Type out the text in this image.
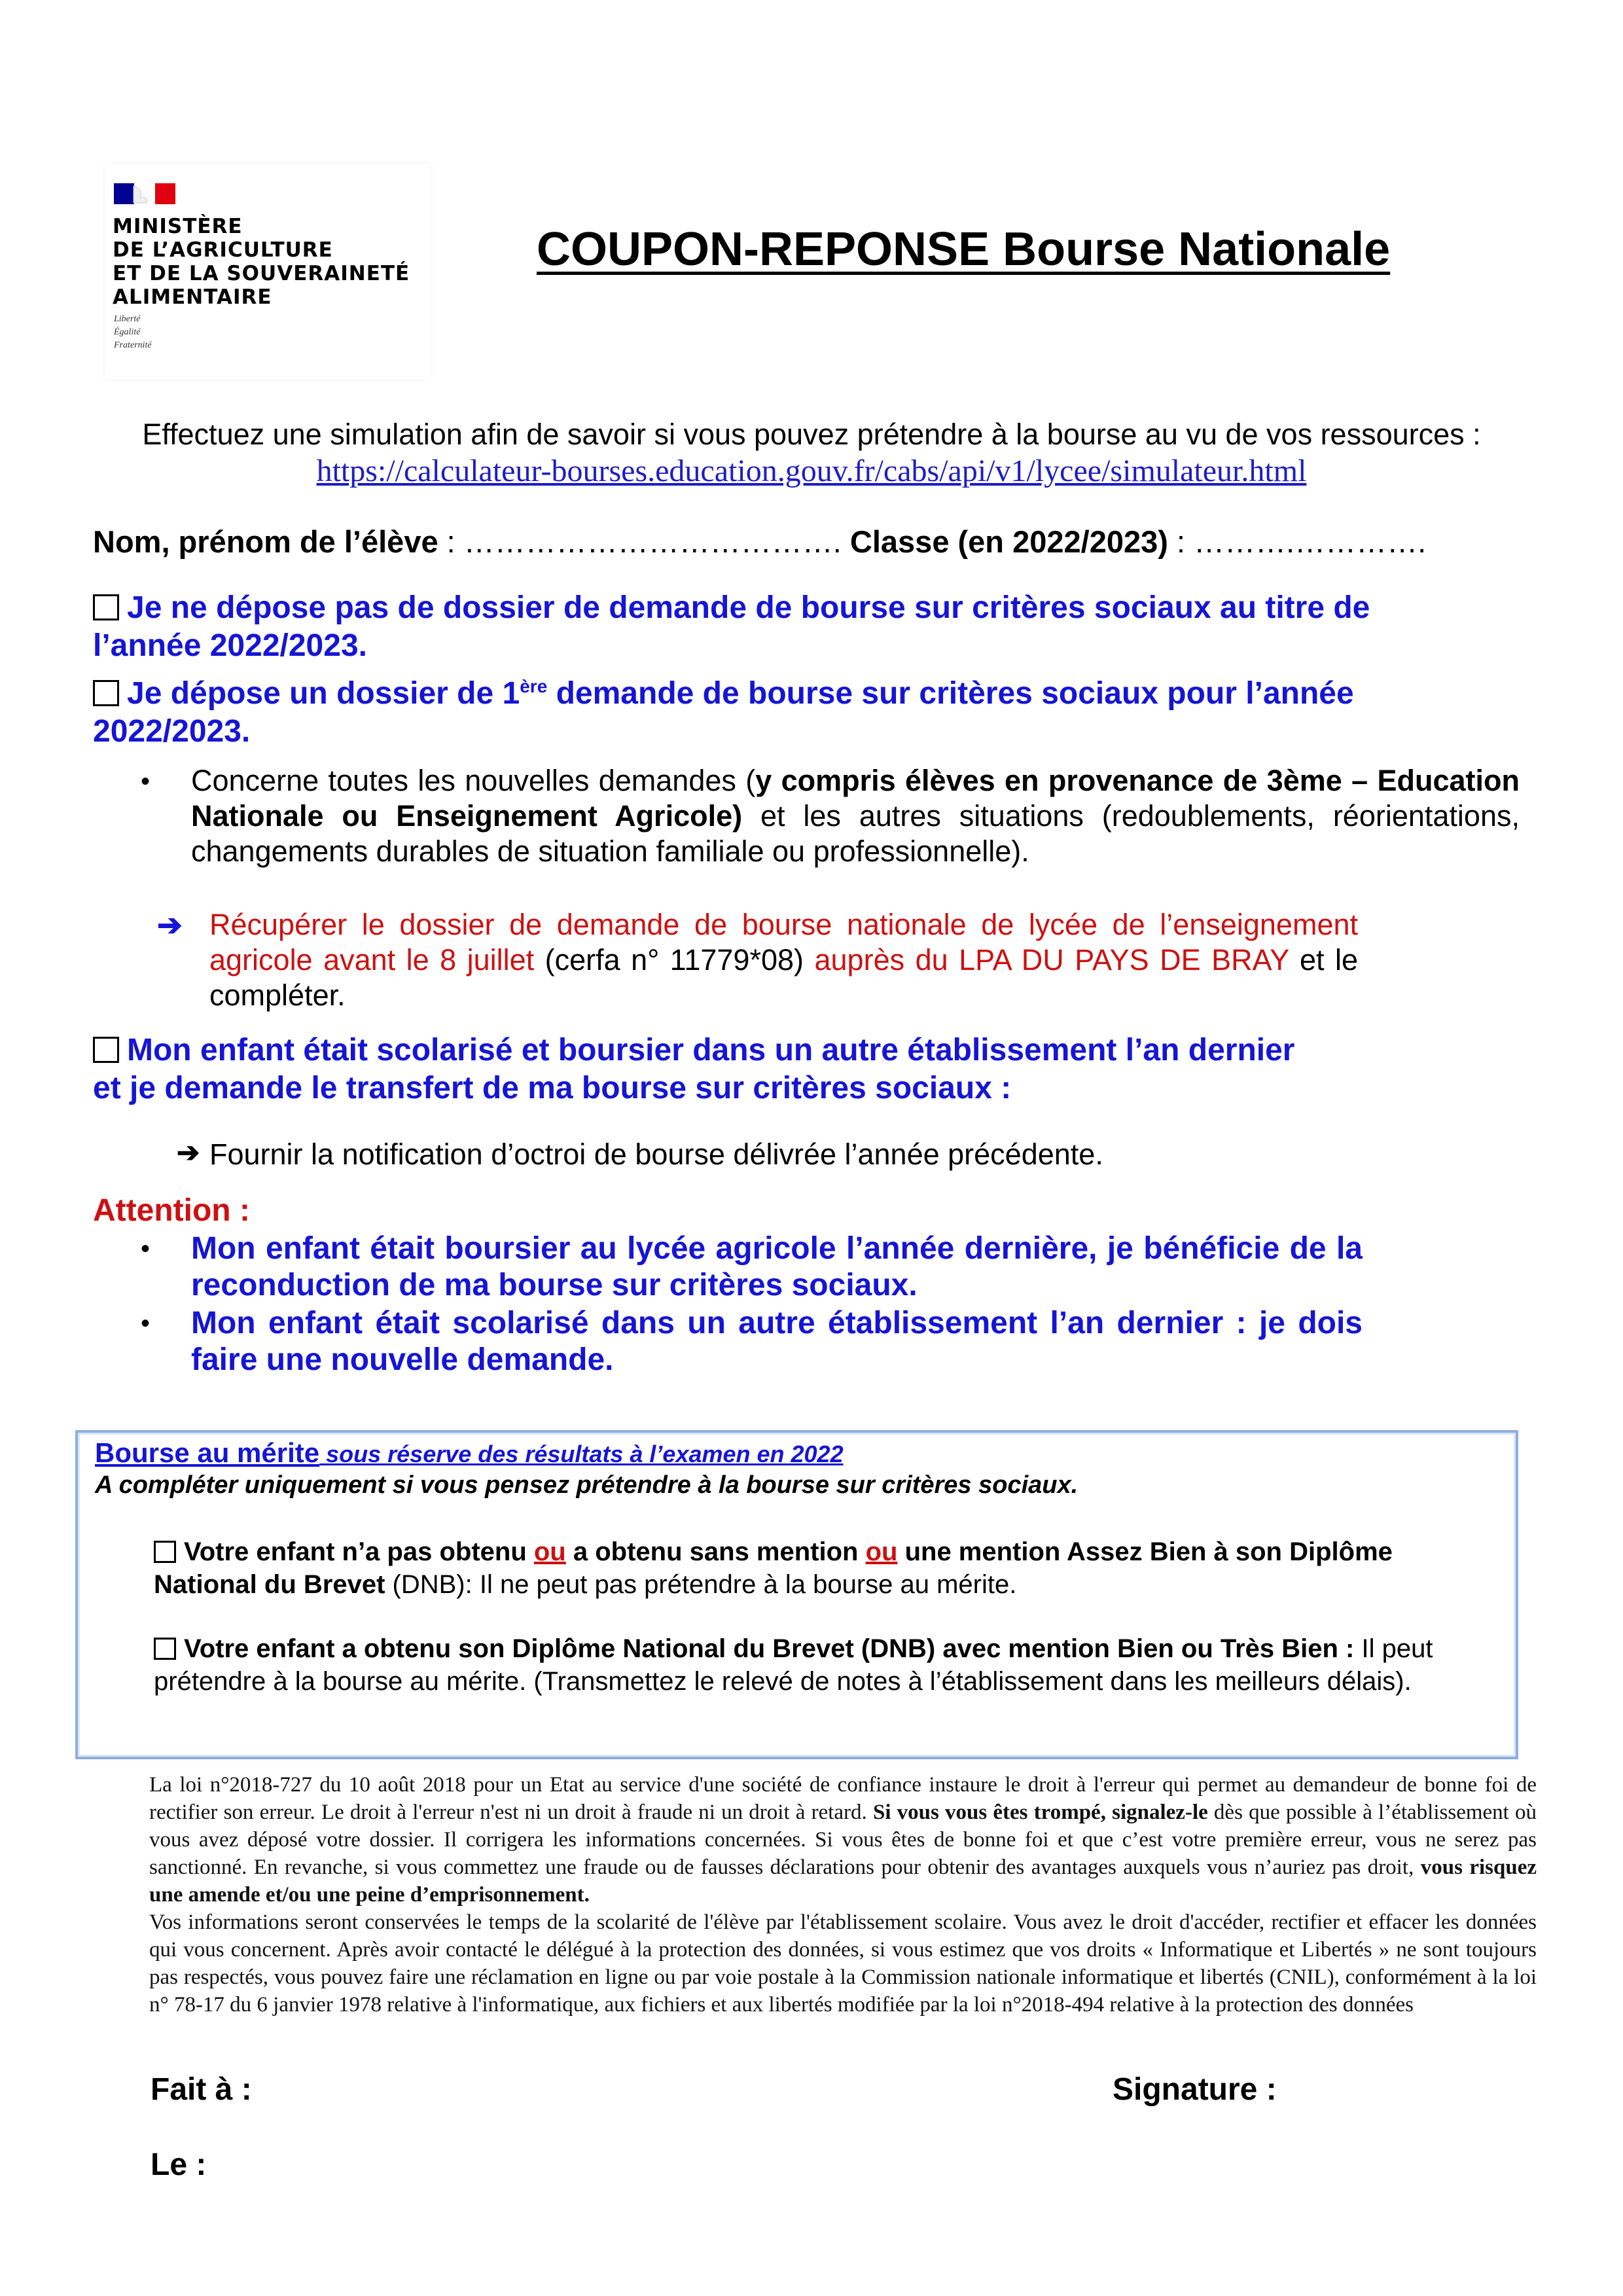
MINISTÈRE
DE L’AGRICULTURE
ET DE LA SOUVERAINETÉ
ALIMENTAIRE
Liberté
Égalité
Fraternité
COUPON-REPONSE Bourse Nationale
Effectuez une simulation afin de savoir si vous pouvez prétendre à la bourse au vu de vos ressources :
https://calculateur-bourses.education.gouv.fr/cabs/api/v1/lycee/simulateur.html
Nom, prénom de l’élève : ………………………………. Classe (en 2022/2023) : ……….………….
Je ne dépose pas de dossier de demande de bourse sur critères sociaux au titre de
l’année 2022/2023.
Je dépose un dossier de 1ère demande de bourse sur critères sociaux pour l’année
2022/2023.
• Concerne toutes les nouvelles demandes (y compris élèves en provenance de 3ème – Education Nationale ou Enseignement Agricole) et les autres situations (redoublements, réorientations, changements durables de situation familiale ou professionnelle).
➔ Récupérer le dossier de demande de bourse nationale de lycée de l’enseignement agricole avant le 8 juillet (cerfa n° 11779*08) auprès du LPA DU PAYS DE BRAY et le compléter.
Mon enfant était scolarisé et boursier dans un autre établissement l’an dernier
et je demande le transfert de ma bourse sur critères sociaux :
➔ Fournir la notification d’octroi de bourse délivrée l’année précédente.
Attention :
• Mon enfant était boursier au lycée agricole l’année dernière, je bénéficie de la reconduction de ma bourse sur critères sociaux.
• Mon enfant était scolarisé dans un autre établissement l’an dernier : je dois faire une nouvelle demande.
Bourse au mérite sous réserve des résultats à l’examen en 2022
A compléter uniquement si vous pensez prétendre à la bourse sur critères sociaux.
Votre enfant n’a pas obtenu ou a obtenu sans mention ou une mention Assez Bien à son Diplôme National du Brevet (DNB): Il ne peut pas prétendre à la bourse au mérite.
Votre enfant a obtenu son Diplôme National du Brevet (DNB) avec mention Bien ou Très Bien : Il peut prétendre à la bourse au mérite. (Transmettez le relevé de notes à l’établissement dans les meilleurs délais).
La loi n°2018-727 du 10 août 2018 pour un Etat au service d'une société de confiance instaure le droit à l'erreur qui permet au demandeur de bonne foi de rectifier son erreur. Le droit à l'erreur n'est ni un droit à fraude ni un droit à retard. Si vous vous êtes trompé, signalez-le dès que possible à l’établissement où vous avez déposé votre dossier. Il corrigera les informations concernées. Si vous êtes de bonne foi et que c’est votre première erreur, vous ne serez pas sanctionné. En revanche, si vous commettez une fraude ou de fausses déclarations pour obtenir des avantages auxquels vous n’auriez pas droit, vous risquez une amende et/ou une peine d’emprisonnement.
Vos informations seront conservées le temps de la scolarité de l'élève par l'établissement scolaire. Vous avez le droit d'accéder, rectifier et effacer les données qui vous concernent. Après avoir contacté le délégué à la protection des données, si vous estimez que vos droits « Informatique et Libertés » ne sont toujours pas respectés, vous pouvez faire une réclamation en ligne ou par voie postale à la Commission nationale informatique et libertés (CNIL), conformément à la loi n° 78-17 du 6 janvier 1978 relative à l'informatique, aux fichiers et aux libertés modifiée par la loi n°2018-494 relative à la protection des données
Fait à :	Signature :
Le :
